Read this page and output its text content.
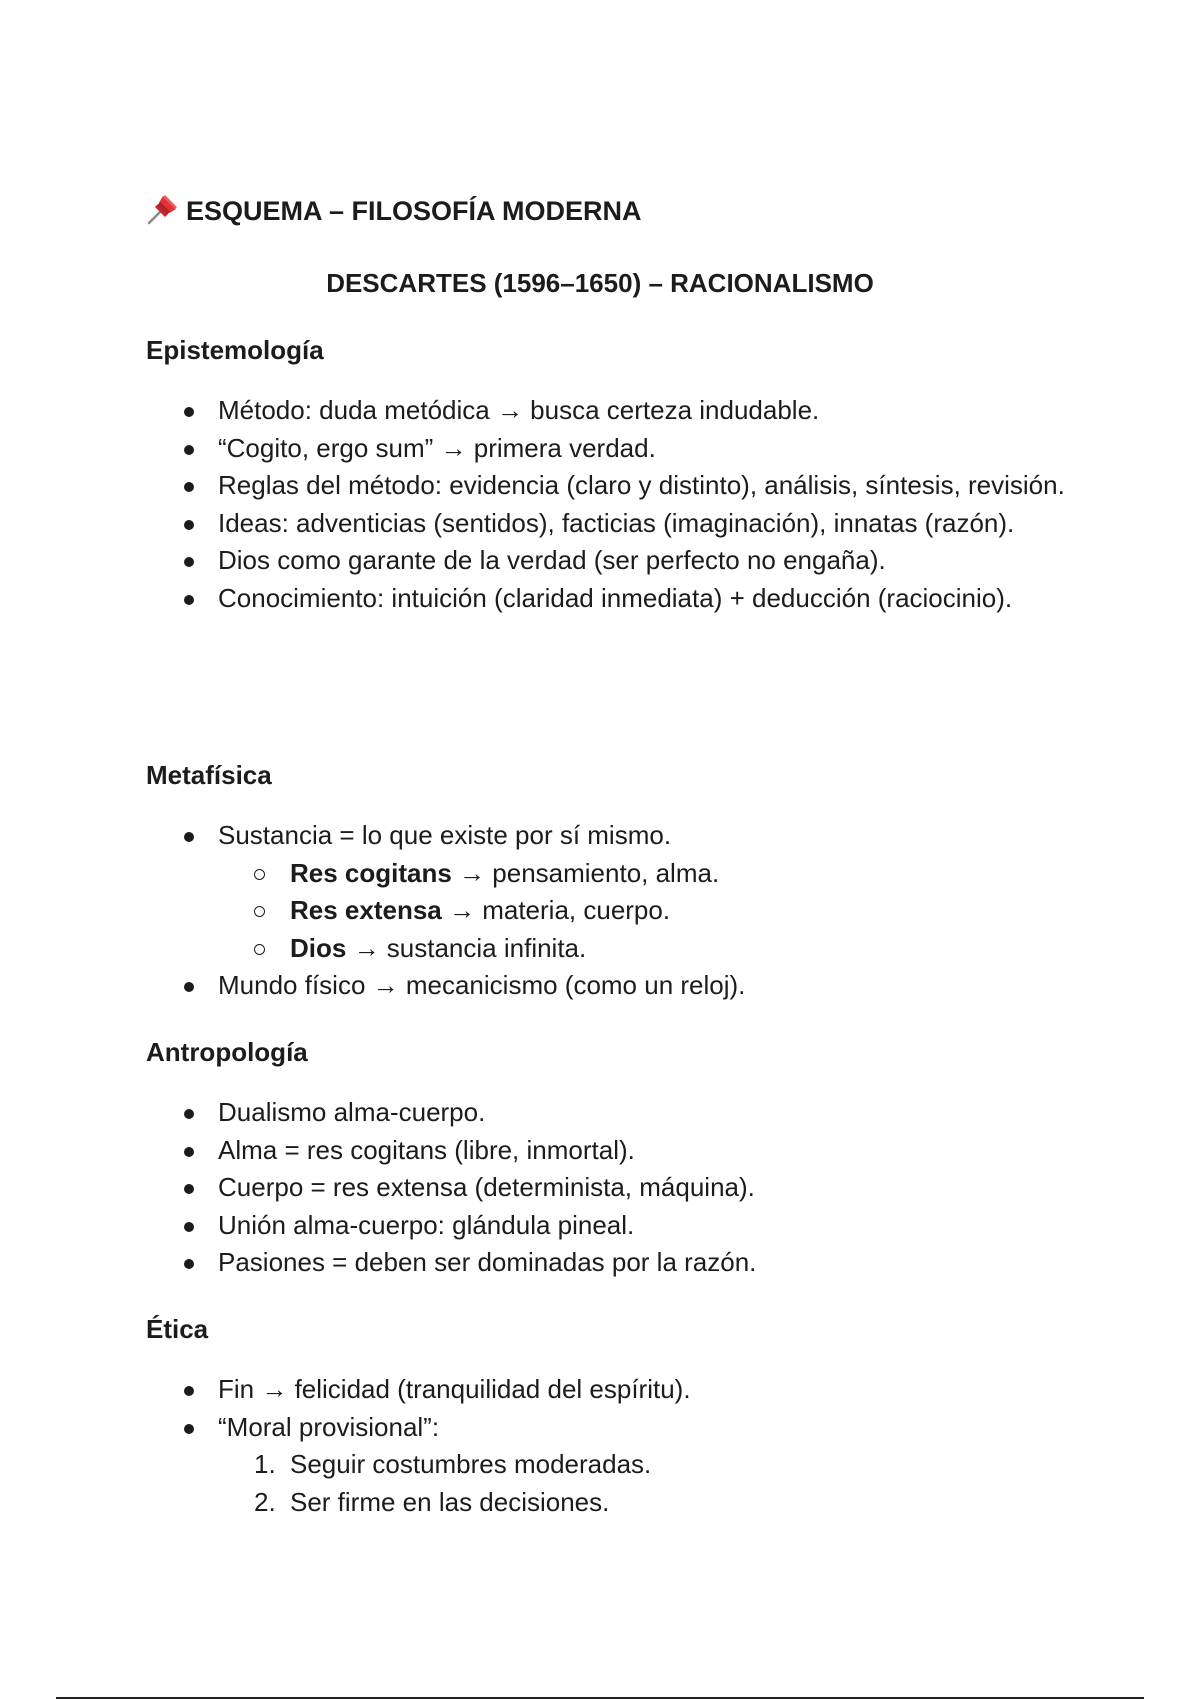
ESQUEMA – FILOSOFÍA MODERNA
DESCARTES (1596–1650) – RACIONALISMO
Epistemología
Método: duda metódica → busca certeza indudable.
“Cogito, ergo sum” → primera verdad.
Reglas del método: evidencia (claro y distinto), análisis, síntesis, revisión.
Ideas: adventicias (sentidos), facticias (imaginación), innatas (razón).
Dios como garante de la verdad (ser perfecto no engaña).
Conocimiento: intuición (claridad inmediata) + deducción (raciocinio).
Metafísica
Sustancia = lo que existe por sí mismo.
Res cogitans → pensamiento, alma.
Res extensa → materia, cuerpo.
Dios → sustancia infinita.
Mundo físico → mecanicismo (como un reloj).
Antropología
Dualismo alma-cuerpo.
Alma = res cogitans (libre, inmortal).
Cuerpo = res extensa (determinista, máquina).
Unión alma-cuerpo: glándula pineal.
Pasiones = deben ser dominadas por la razón.
Ética
Fin → felicidad (tranquilidad del espíritu).
“Moral provisional”:
1. Seguir costumbres moderadas.
2. Ser firme en las decisiones.
